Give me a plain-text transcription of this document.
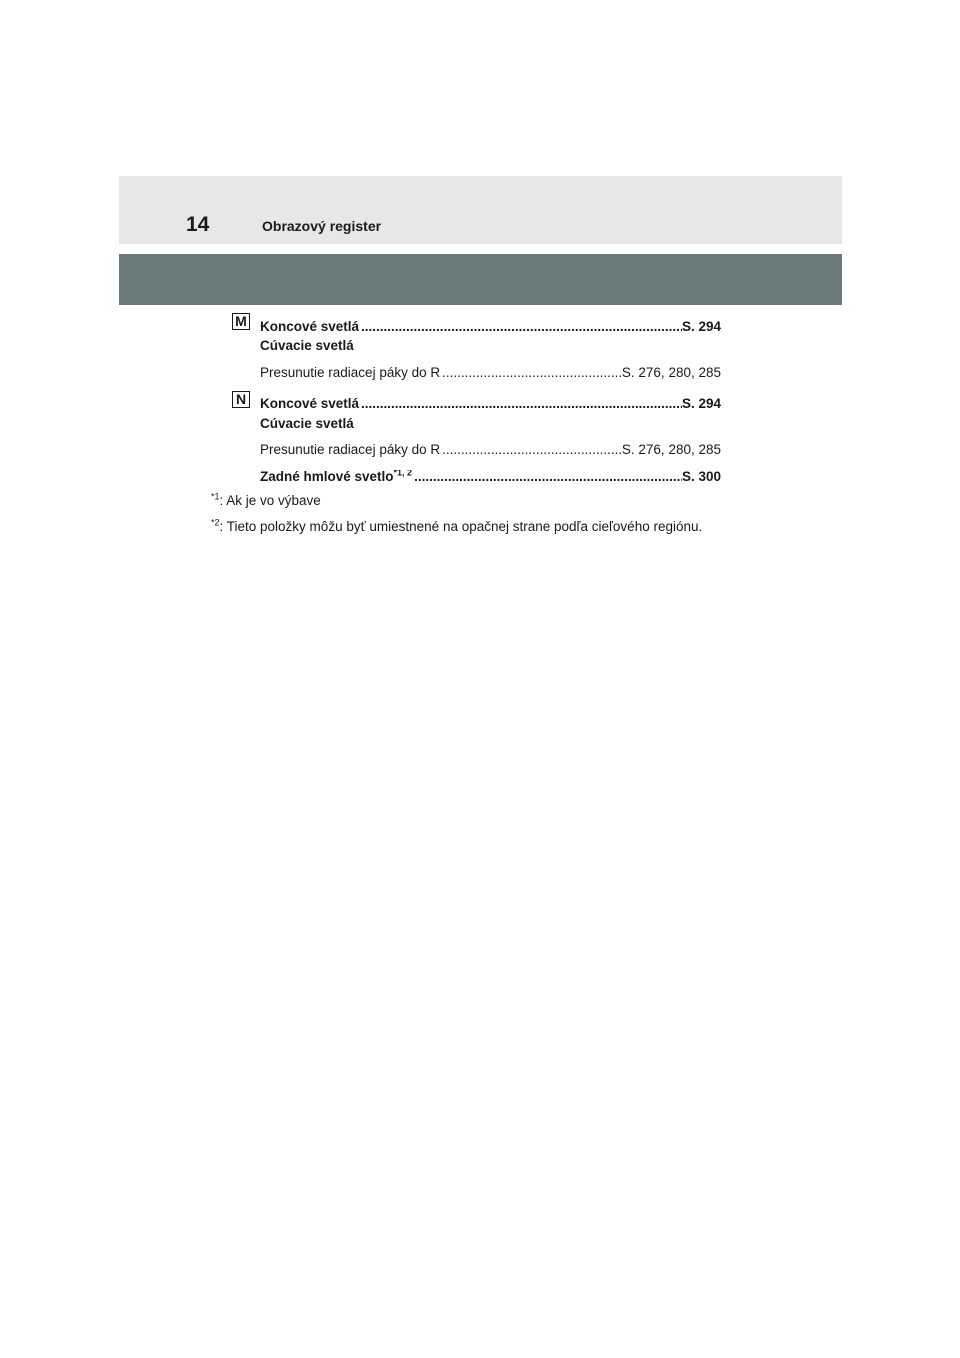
14	Obrazový register
M Koncové svetlá .....	S. 294
Cúvacie svetlá
Presunutie radiacej páky do R .....	S. 276, 280, 285
N Koncové svetlá .....	S. 294
Cúvacie svetlá
Presunutie radiacej páky do R .....	S. 276, 280, 285
Zadné hmlové svetlo$^{*1, 2}$ .....	S. 300
$^{*1}$: Ak je vo výbave
$^{*2}$: Tieto položky môžu byť umiestnené na opačnej strane podľa cieľového regiónu.
